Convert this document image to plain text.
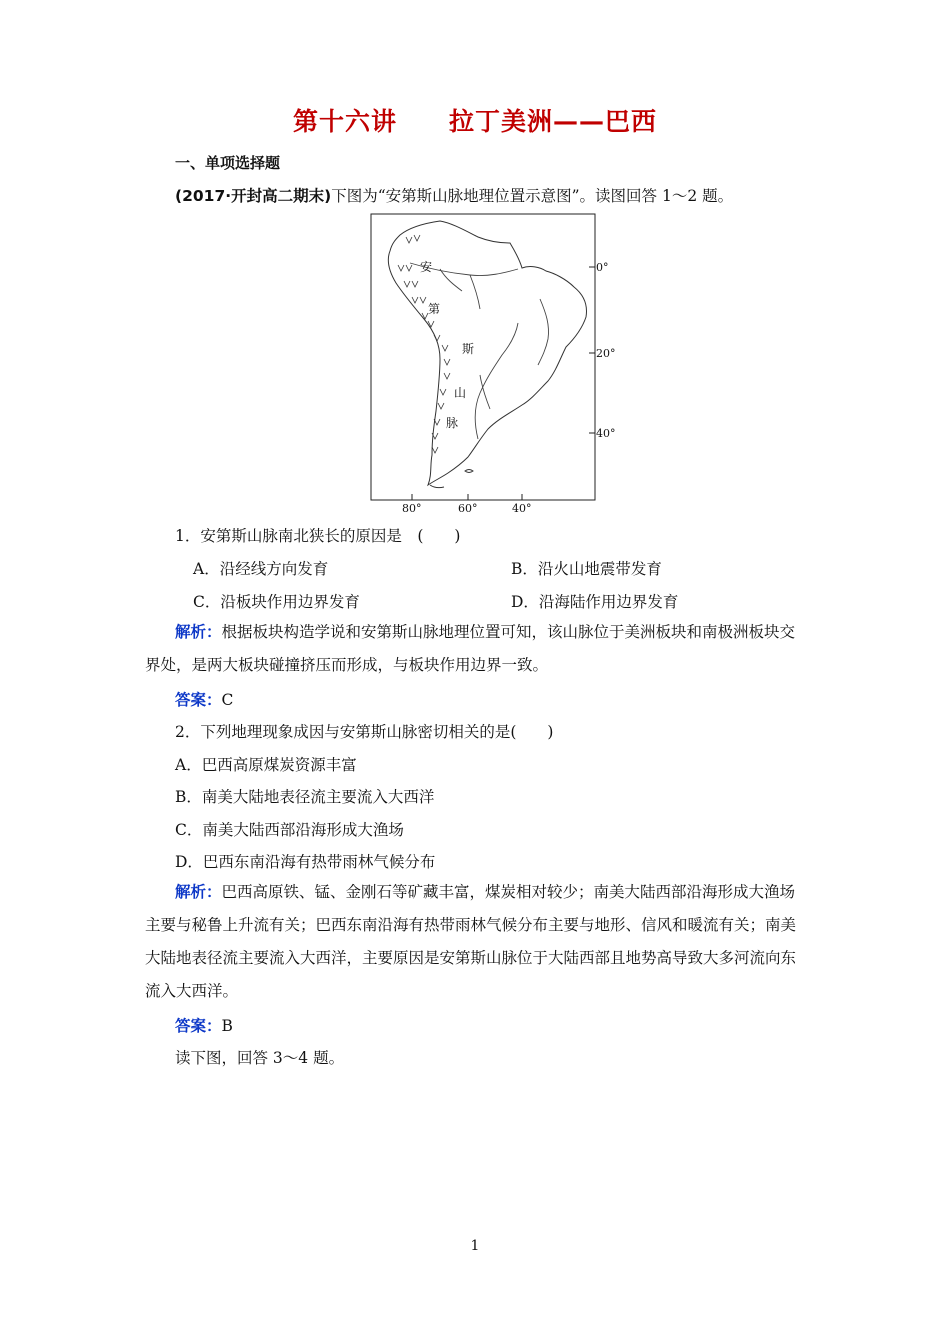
第十六讲　　拉丁美洲——巴西
一、单项选择题
(2017·开封高二期末)下图为“安第斯山脉地理位置示意图”。读图回答 1～2 题。
安
第
斯
山
脉
0°
20°
40°
80°	60°	40°
1．安第斯山脉南北狭长的原因是　(　　)
A．沿经线方向发育	B．沿火山地震带发育
C．沿板块作用边界发育	D．沿海陆作用边界发育
解析：根据板块构造学说和安第斯山脉地理位置可知，该山脉位于美洲板块和南极洲板块交界处，是两大板块碰撞挤压而形成，与板块作用边界一致。
答案：C
2．下列地理现象成因与安第斯山脉密切相关的是(　　)
A．巴西高原煤炭资源丰富
B．南美大陆地表径流主要流入大西洋
C．南美大陆西部沿海形成大渔场
D．巴西东南沿海有热带雨林气候分布
解析：巴西高原铁、锰、金刚石等矿藏丰富，煤炭相对较少；南美大陆西部沿海形成大渔场主要与秘鲁上升流有关；巴西东南沿海有热带雨林气候分布主要与地形、信风和暖流有关；南美大陆地表径流主要流入大西洋，主要原因是安第斯山脉位于大陆西部且地势高导致大多河流向东流入大西洋。
答案：B
读下图，回答 3～4 题。
1
